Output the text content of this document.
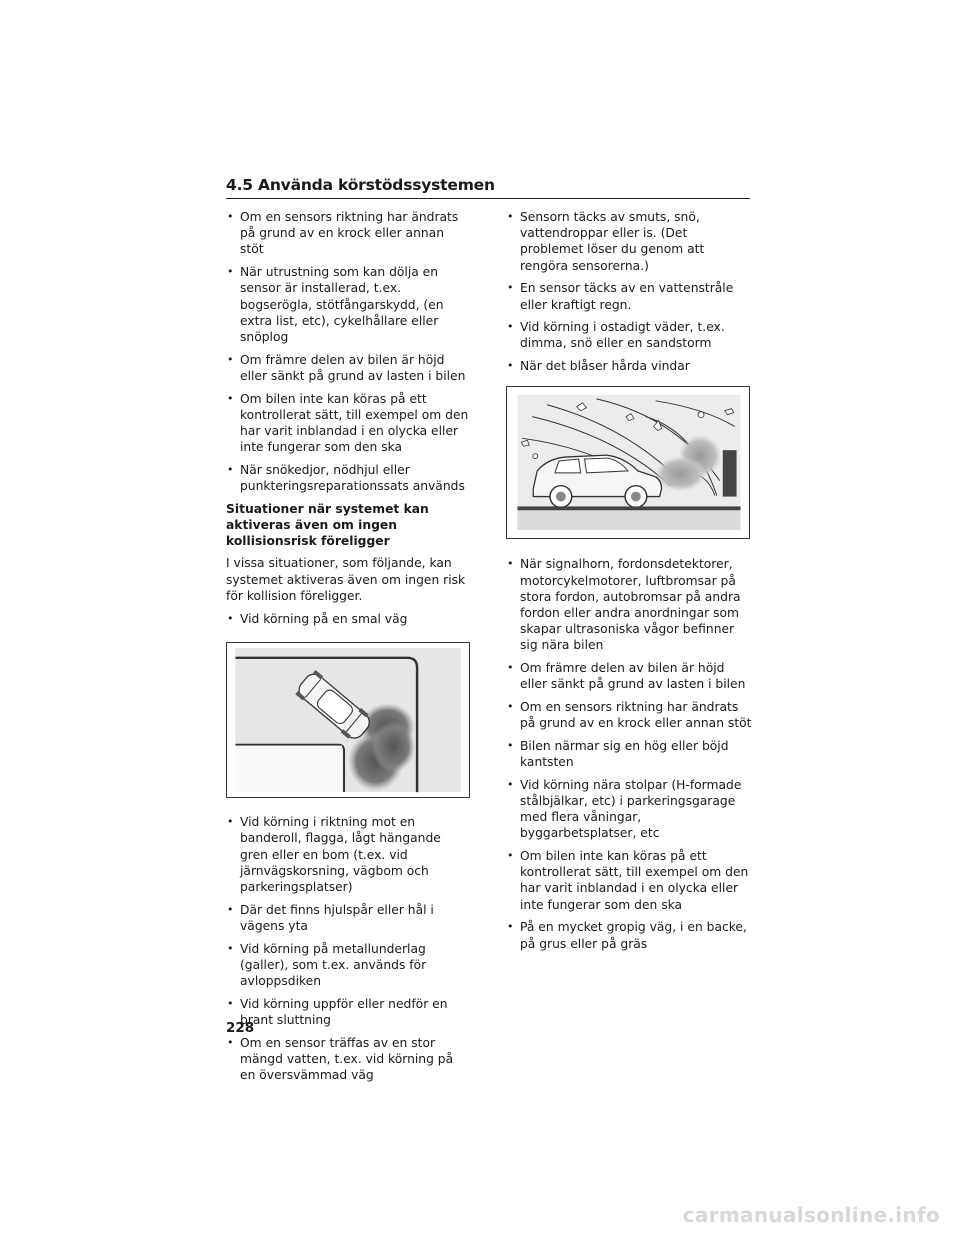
4.5 Använda körstödssystemen
• Om en sensors riktning har ändrats på grund av en krock eller annan stöt
• När utrustning som kan dölja en sensor är installerad, t.ex. bogserögla, stötfångarskydd, (en extra list, etc), cykelhållare eller snöplog
• Om främre delen av bilen är höjd eller sänkt på grund av lasten i bilen
• Om bilen inte kan köras på ett kontrollerat sätt, till exempel om den har varit inblandad i en olycka eller inte fungerar som den ska
• När snökedjor, nödhjul eller punkteringsreparationssats används
Situationer när systemet kan aktiveras även om ingen kollisionsrisk föreligger

I vissa situationer, som följande, kan systemet aktiveras även om ingen risk för kollision föreligger.

• Vid körning på en smal väg
• Vid körning i riktning mot en banderoll, flagga, lågt hängande gren eller en bom (t.ex. vid järnvägskorsning, vägbom och parkeringsplatser)
• Där det finns hjulspår eller hål i vägens yta
• Vid körning på metallunderlag (galler), som t.ex. används för avloppsdiken
• Vid körning uppför eller nedför en brant sluttning
• Om en sensor träffas av en stor mängd vatten, t.ex. vid körning på en översvämmad väg
• Sensorn täcks av smuts, snö, vattendroppar eller is. (Det problemet löser du genom att rengöra sensorerna.)
• En sensor täcks av en vattenstråle eller kraftigt regn.
• Vid körning i ostadigt väder, t.ex. dimma, snö eller en sandstorm
• När det blåser hårda vindar
• När signalhorn, fordonsdetektorer, motorcykelmotorer, luftbromsar på stora fordon, autobromsar på andra fordon eller andra anordningar som skapar ultrasoniska vågor befinner sig nära bilen
• Om främre delen av bilen är höjd eller sänkt på grund av lasten i bilen
• Om en sensors riktning har ändrats på grund av en krock eller annan stöt
• Bilen närmar sig en hög eller böjd kantsten
• Vid körning nära stolpar (H-formade stålbjälkar, etc) i parkeringsgarage med flera våningar, byggarbetsplatser, etc
• Om bilen inte kan köras på ett kontrollerat sätt, till exempel om den har varit inblandad i en olycka eller inte fungerar som den ska
• På en mycket gropig väg, i en backe, på grus eller på gräs
228
carmanualsonline.info
